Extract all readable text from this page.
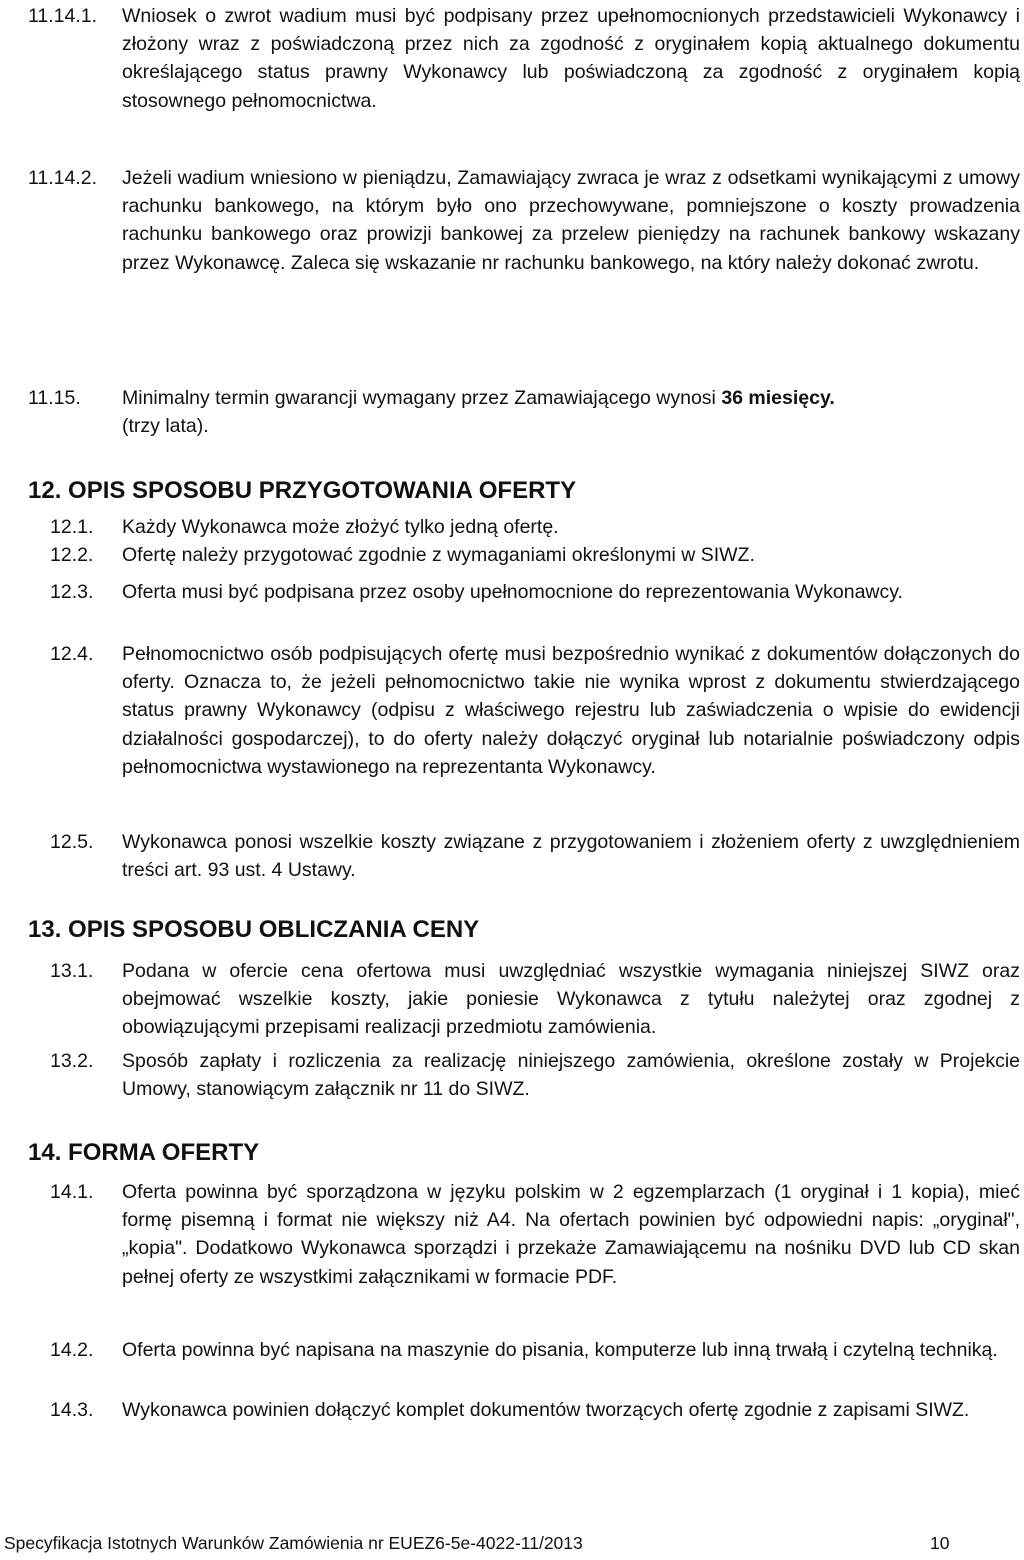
11.14.1. Wniosek o zwrot wadium musi być podpisany przez upełnomocnionych przedstawicieli Wykonawcy i złożony wraz z poświadczoną przez nich za zgodność z oryginałem kopią aktualnego dokumentu określającego status prawny Wykonawcy lub poświadczoną za zgodność z oryginałem kopią stosownego pełnomocnictwa.
11.14.2. Jeżeli wadium wniesiono w pieniądzu, Zamawiający zwraca je wraz z odsetkami wynikającymi z umowy rachunku bankowego, na którym było ono przechowywane, pomniejszone o koszty prowadzenia rachunku bankowego oraz prowizji bankowej za przelew pieniędzy na rachunek bankowy wskazany przez Wykonawcę. Zaleca się wskazanie nr rachunku bankowego, na który należy dokonać zwrotu.
11.15. Minimalny termin gwarancji wymagany przez Zamawiającego wynosi 36 miesięcy.
(trzy lata).
12. OPIS SPOSOBU PRZYGOTOWANIA OFERTY
12.1. Każdy Wykonawca może złożyć tylko jedną ofertę.
12.2. Ofertę należy przygotować zgodnie z wymaganiami określonymi w SIWZ.
12.3. Oferta musi być podpisana przez osoby upełnomocnione do reprezentowania Wykonawcy.
12.4. Pełnomocnictwo osób podpisujących ofertę musi bezpośrednio wynikać z dokumentów dołączonych do oferty. Oznacza to, że jeżeli pełnomocnictwo takie nie wynika wprost z dokumentu stwierdzającego status prawny Wykonawcy (odpisu z właściwego rejestru lub zaświadczenia o wpisie do ewidencji działalności gospodarczej), to do oferty należy dołączyć oryginał lub notarialnie poświadczony odpis pełnomocnictwa wystawionego na reprezentanta Wykonawcy.
12.5. Wykonawca ponosi wszelkie koszty związane z przygotowaniem i złożeniem oferty z uwzględnieniem treści art. 93 ust. 4 Ustawy.
13. OPIS SPOSOBU OBLICZANIA CENY
13.1. Podana w ofercie cena ofertowa musi uwzględniać wszystkie wymagania niniejszej SIWZ oraz obejmować wszelkie koszty, jakie poniesie Wykonawca z tytułu należytej oraz zgodnej z obowiązującymi przepisami realizacji przedmiotu zamówienia.
13.2. Sposób zapłaty i rozliczenia za realizację niniejszego zamówienia, określone zostały w Projekcie Umowy, stanowiącym załącznik nr 11 do SIWZ.
14. FORMA OFERTY
14.1. Oferta powinna być sporządzona w języku polskim w 2 egzemplarzach (1 oryginał i 1 kopia), mieć formę pisemną i format nie większy niż A4. Na ofertach powinien być odpowiedni napis: „oryginał", „kopia". Dodatkowo Wykonawca sporządzi i przekaże Zamawiającemu na nośniku DVD lub CD skan pełnej oferty ze wszystkimi załącznikami w formacie PDF.
14.2. Oferta powinna być napisana na maszynie do pisania, komputerze lub inną trwałą i czytelną techniką.
14.3. Wykonawca powinien dołączyć komplet dokumentów tworzących ofertę zgodnie z zapisami SIWZ.
Specyfikacja Istotnych Warunków Zamówienia nr EUEZ6-5e-4022-11/2013	10
